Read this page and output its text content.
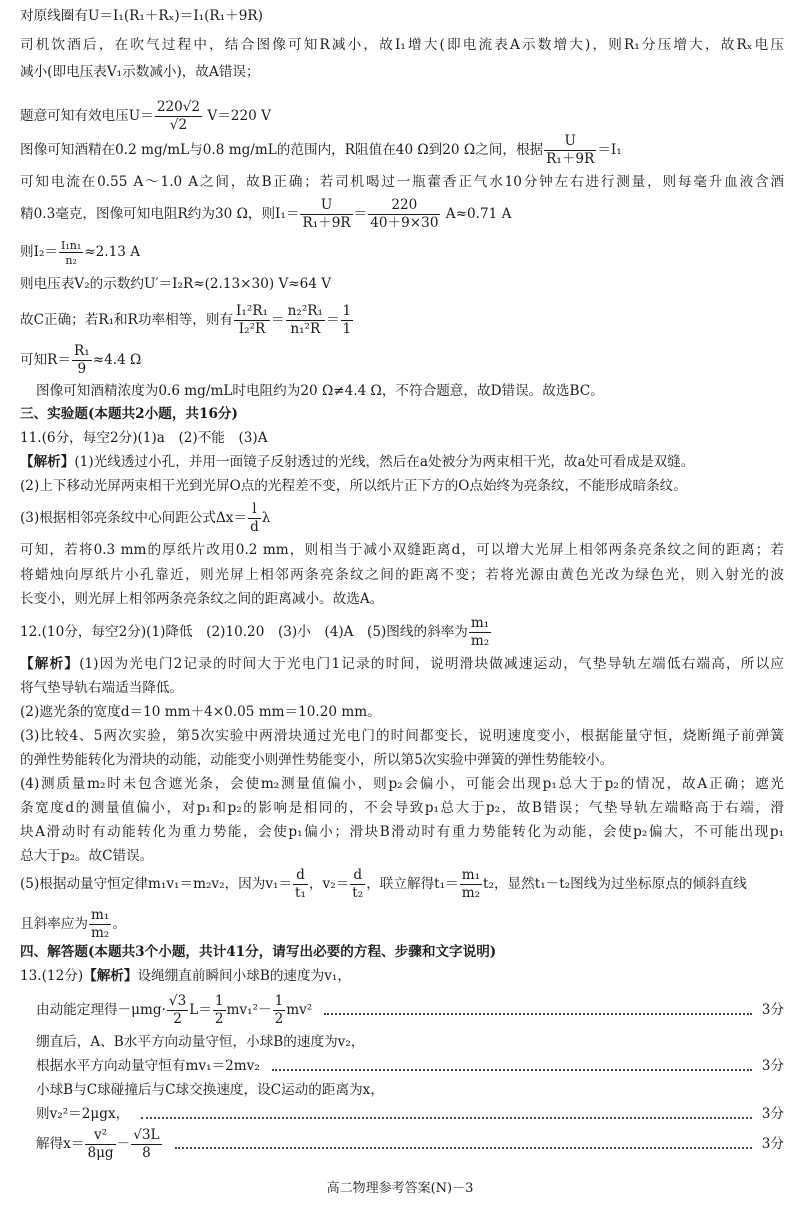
对原线圈有U＝I₁(R₁＋Rₓ)＝I₁(R₁＋9R)
司机饮酒后，在吹气过程中，结合图像可知R减小，故I₁增大(即电流表A示数增大)，则R₁分压增大，故Rₓ电压
减小(即电压表V₁示数减小)，故A错误；
题意可知有效电压$U= \frac{220√2}{√2} V=220$ V
图像可知酒精在0.2 mg/mL与0.8 mg/mL的范围内，R阻值在40 Ω到20 Ω之间，根据 $\frac{U}{\text{R₁＋9R}} =I_1$
可知电流在0.55 A～1.0 A之间，故B正确；若司机喝过一瓶藿香正气水10分钟左右进行测量，则每毫升血液含酒
精0.3毫克，图像可知电阻R约为30 Ω，则$I_1= \frac{U}{\text{R₁＋9R}} = \frac{220}{40+9\times 30} A\approx 0.71$ A
则$I_2= \frac{\text{I₁n₁}}{\text{n₂}} \approx 2.13$ A
则电压表V₂的示数约U′＝I₂R≈(2.13×30) V≈64 V
故C正确；若R₁和R功率相等，则有 $\frac{\text{I₁²R₁}}{\text{I₂²R}} = \frac{\text{n₂²R₁}}{\text{n₁²R}} = \frac{1}{1}$
可知$R= \frac{\text{R₁}}{9} \approx 4.4$ Ω
图像可知酒精浓度为0.6 mg/mL时电阻约为20 Ω≠4.4 Ω，不符合题意，故D错误。故选BC。
三、实验题(本题共2小题，共16分)
11.(6分，每空2分)(1)a　(2)不能　(3)A
【解析】(1)光线透过小孔，并用一面镜子反射透过的光线，然后在a处被分为两束相干光，故a处可看成是双缝。
(2)上下移动光屏两束相干光到光屏O点的光程差不变，所以纸片正下方的O点始终为亮条纹，不能形成暗条纹。
(3)根据相邻亮条纹中心间距公式$\Delta x= \frac{l}{d}$ λ
可知，若将0.3 mm的厚纸片改用0.2 mm，则相当于减小双缝距离d，可以增大光屏上相邻两条亮条纹之间的距离；若
将蜡烛向厚纸片小孔靠近，则光屏上相邻两条亮条纹之间的距离不变；若将光源由黄色光改为绿色光，则入射光的波
长变小，则光屏上相邻两条亮条纹之间的距离减小。故选A。
12.(10分，每空2分)(1)降低　(2)10.20　(3)小　(4)A　(5)图线的斜率为 $\frac{\text{m₁}}{\text{m₂}}$
【解析】(1)因为光电门2记录的时间大于光电门1记录的时间，说明滑块做减速运动，气垫导轨左端低右端高，所以应
将气垫导轨右端适当降低。
(2)遮光条的宽度d＝10 mm＋4×0.05 mm＝10.20 mm。
(3)比较4、5两次实验，第5次实验中两滑块通过光电门的时间都变长，说明速度变小，根据能量守恒，烧断绳子前弹簧
的弹性势能转化为滑块的动能，动能变小则弹性势能变小，所以第5次实验中弹簧的弹性势能较小。
(4)测质量m₂时未包含遮光条，会使m₂测量值偏小，则p₂会偏小，可能会出现p₁总大于p₂的情况，故A正确；遮光
条宽度d的测量值偏小，对p₁和p₂的影响是相同的，不会导致p₁总大于p₂，故B错误；气垫导轨左端略高于右端，滑
块A滑动时有动能转化为重力势能，会使p₁偏小；滑块B滑动时有重力势能转化为动能，会使p₂偏大，不可能出现p₁
总大于p₂。故C错误。
(5)根据动量守恒定律m₁v₁＝m₂v₂，因为$v_1= \frac{d}{\text{t₁}}$ ，$v_2= \frac{d}{\text{t₂}}$ ，联立解得$t_1= \frac{\text{m₁}}{\text{m₂}} t_2$，显然t₁－t₂图线为过坐标原点的倾斜直线
且斜率应为 $\frac{\text{m₁}}{\text{m₂}}$ 。
四、解答题(本题共3个小题，共计41分，请写出必要的方程、步骤和文字说明)
13.(12分)【解析】设绳绷直前瞬间小球B的速度为v₁，
由动能定理得$-\mu mg\cdot \frac{√3}{2} L= \frac{1}{2} mv_1^2- \frac{1}{2} mv^2$	3分
绷直后，A、B水平方向动量守恒，小球B的速度为v₂，
根据水平方向动量守恒有mv₁＝2mv₂	3分
小球B与C球碰撞后与C球交换速度，设C运动的距离为x，
则v₂²＝2μgx，	3分
解得$x= \frac{\text{v²}}{8\mu g} - \frac{√3L}{8}$	3分
高二物理参考答案(N)－3
